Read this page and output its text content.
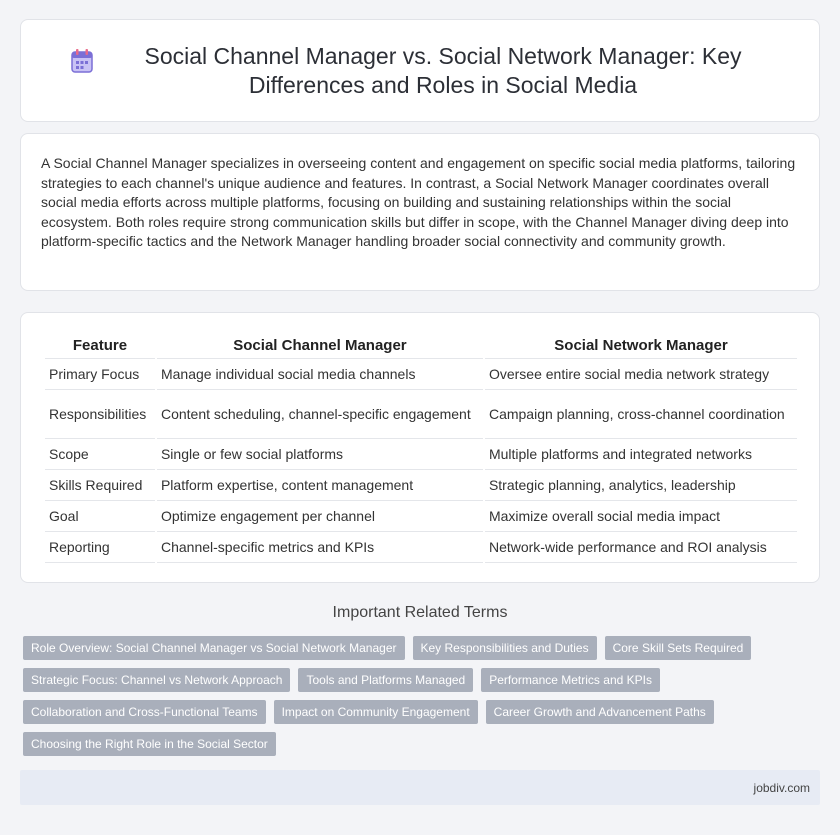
Social Channel Manager vs. Social Network Manager: Key Differences and Roles in Social Media

A Social Channel Manager specializes in overseeing content and engagement on specific social media platforms, tailoring strategies to each channel's unique audience and features. In contrast, a Social Network Manager coordinates overall social media efforts across multiple platforms, focusing on building and sustaining relationships within the social ecosystem. Both roles require strong communication skills but differ in scope, with the Channel Manager diving deep into platform-specific tactics and the Network Manager handling broader social connectivity and community growth.

Feature	Social Channel Manager	Social Network Manager
Primary Focus	Manage individual social media channels	Oversee entire social media network strategy
Responsibilities	Content scheduling, channel-specific engagement	Campaign planning, cross-channel coordination
Scope	Single or few social platforms	Multiple platforms and integrated networks
Skills Required	Platform expertise, content management	Strategic planning, analytics, leadership
Goal	Optimize engagement per channel	Maximize overall social media impact
Reporting	Channel-specific metrics and KPIs	Network-wide performance and ROI analysis
Important Related Terms
Role Overview: Social Channel Manager vs Social Network Manager	Key Responsibilities and Duties	Core Skill Sets Required
Strategic Focus: Channel vs Network Approach	Tools and Platforms Managed	Performance Metrics and KPIs
Collaboration and Cross-Functional Teams	Impact on Community Engagement	Career Growth and Advancement Paths
Choosing the Right Role in the Social Sector
jobdiv.com
